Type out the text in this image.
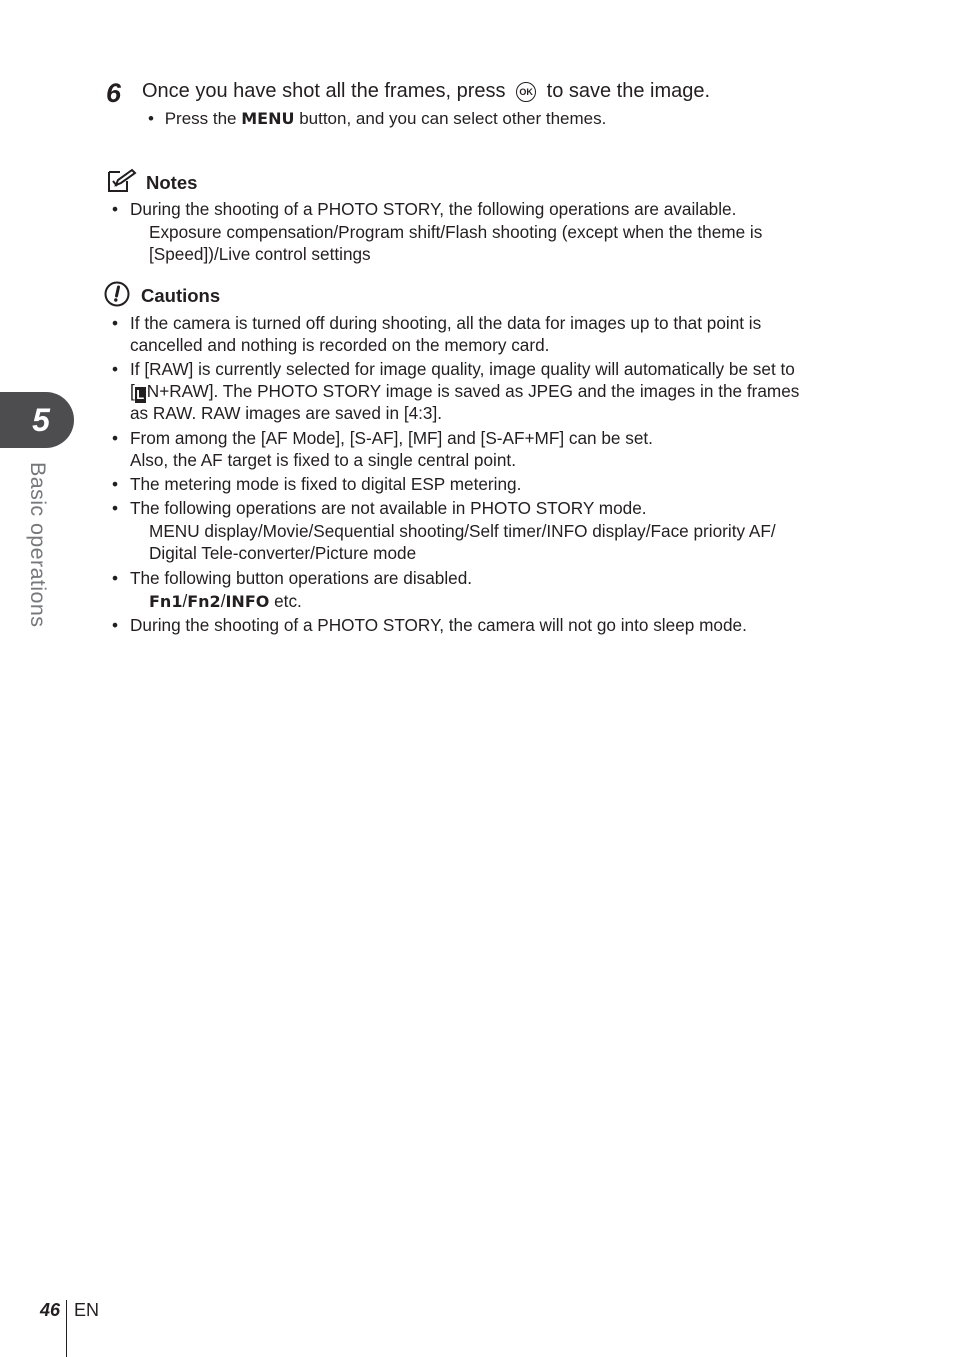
6 Once you have shot all the frames, press OK to save the image.
• Press the MENU button, and you can select other themes.
Notes
• During the shooting of a PHOTO STORY, the following operations are available.
Exposure compensation/Program shift/Flash shooting (except when the theme is
[Speed])/Live control settings
Cautions
• If the camera is turned off during shooting, all the data for images up to that point is
cancelled and nothing is recorded on the memory card.
• If [RAW] is currently selected for image quality, image quality will automatically be set to
[ L N+RAW]. The PHOTO STORY image is saved as JPEG and the images in the frames
as RAW. RAW images are saved in [4:3].
• From among the [AF Mode], [S-AF], [MF] and [S-AF+MF] can be set.
Also, the AF target is fixed to a single central point.
• The metering mode is fixed to digital ESP metering.
• The following operations are not available in PHOTO STORY mode.
MENU display/Movie/Sequential shooting/Self timer/INFO display/Face priority AF/
Digital Tele-converter/Picture mode
• The following button operations are disabled.
Fn1/Fn2/INFO etc.
• During the shooting of a PHOTO STORY, the camera will not go into sleep mode.
5
Basic operations
46 EN
